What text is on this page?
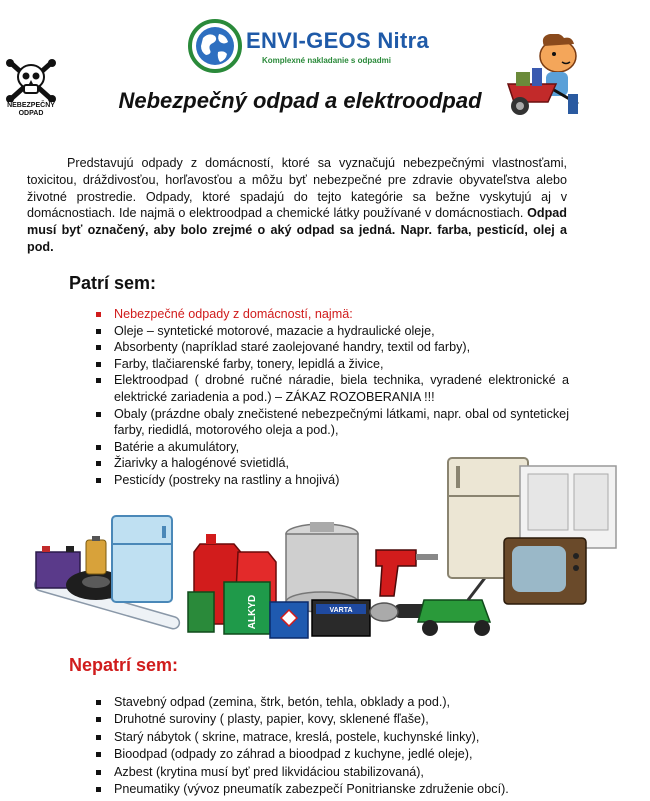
ENVI-GEOS Nitra
Komplexné nakladanie s odpadmi
NEBEZPEČNÝ
ODPAD
Nebezpečný odpad a elektroodpad
Predstavujú odpady z domácností, ktoré sa vyznačujú nebezpečnými vlastnosťami, toxicitou, dráždivosťou, horľavosťou a môžu byť nebezpečné pre zdravie obyvateľstva alebo životné prostredie. Odpady, ktoré spadajú do tejto kategórie sa bežne vyskytujú aj v domácnostiach. Ide najmä o elektroodpad a chemické látky používané v domácnostiach. Odpad musí byť označený, aby bolo zrejmé o aký odpad sa jedná. Napr. farba, pesticíd, olej a pod.
Patrí sem:
Nebezpečné odpady z domácností, najmä:
Oleje – syntetické motorové, mazacie a hydraulické oleje,
Absorbenty (napríklad staré zaolejované handry, textil od farby),
Farby, tlačiarenské farby, tonery, lepidlá a živice,
Elektroodpad ( drobné ručné náradie, biela technika, vyradené elektronické a elektrické zariadenia a pod.) – ZÁKAZ ROZOBERANIA !!!
Obaly (prázdne obaly znečistené nebezpečnými látkami, napr. obal od syntetickej farby, riedidlá, motorového oleja a pod.),
Batérie a akumulátory,
Žiarivky a halogénové svietidlá,
Pesticídy (postreky na rastliny a hnojivá)
ALKYD	VARTA
Nepatrí sem:
Stavebný odpad (zemina, štrk, betón, tehla, obklady a pod.),
Druhotné suroviny ( plasty, papier, kovy, sklenené fľaše),
Starý nábytok ( skrine, matrace, kreslá, postele, kuchynské linky),
Bioodpad (odpady zo záhrad a bioodpad z kuchyne, jedlé oleje),
Azbest (krytina musí byť pred likvidáciou stabilizovaná),
Pneumatiky (vývoz pneumatík zabezpečí Ponitrianske združenie obcí).
